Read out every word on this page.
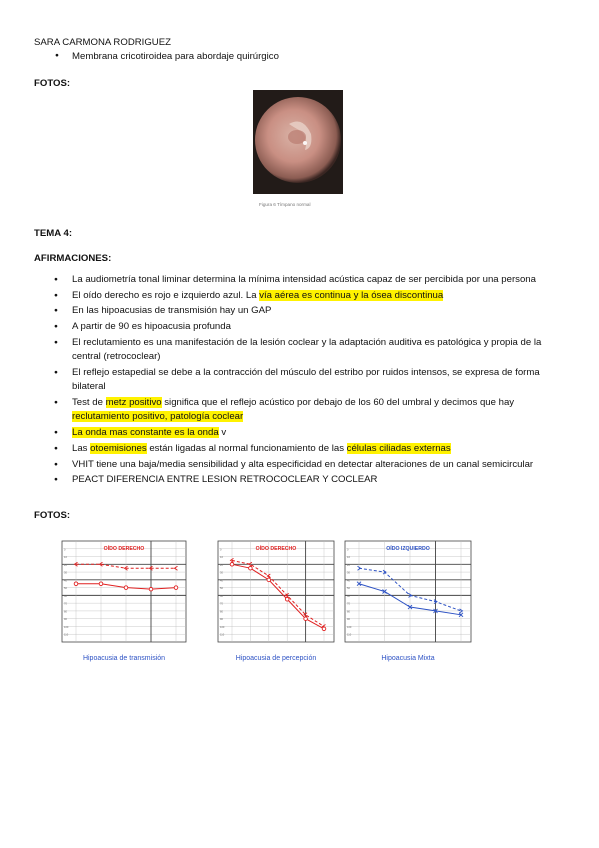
SARA CARMONA RODRIGUEZ
● Membrana cricotiroidea para abordaje quirúrgico
FOTOS:
Figura 6 Tímpano normal
TEMA 4:
AFIRMACIONES:
● La audiometría tonal liminar determina la mínima intensidad acústica capaz de ser percibida por una persona
● El oído derecho es rojo e izquierdo azul. La vía aérea es continua y la ósea discontinua
● En las hipoacusias de transmisión hay un GAP
● A partir de 90 es hipoacusia profunda
● El reclutamiento es una manifestación de la lesión coclear y la adaptación auditiva es patológica y propia de la central (retrococlear)
● El reflejo estapedial se debe a la contracción del músculo del estribo por ruidos intensos, se expresa de forma bilateral
● Test de metz positivo significa que el reflejo acústico por debajo de los 60 del umbral y decimos que hay reclutamiento positivo, patología coclear
● La onda mas constante es la onda v
● Las otoemisiones están ligadas al normal funcionamiento de las células ciliadas externas
● VHIT tiene una baja/media sensibilidad y alta especificidad en detectar alteraciones de un canal semicircular
● PEACT DIFERENCIA ENTRE LESION RETROCOCLEAR Y COCLEAR
FOTOS:
0
10
20
30
40
50
60
70
80
90
100
110
OÍDO DERECHO
Hipoacusia de transmisión
0
10
20
30
40
50
60
70
80
90
100
110
OÍDO DERECHO
Hipoacusia de percepción
0
10
20
30
40
50
60
70
80
90
100
110
OÍDO IZQUIERDO
Hipoacusia Mixta
